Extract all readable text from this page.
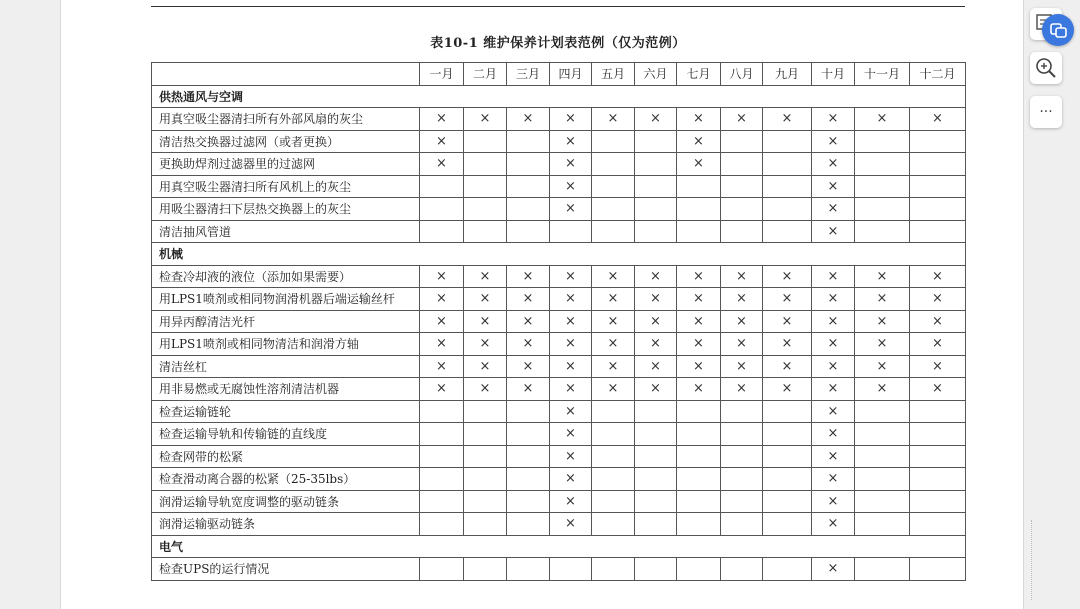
表10-1 维护保养计划表范例（仅为范例）
	一月	二月	三月	四月	五月	六月	七月	八月	九月	十月	十一月	十二月
供热通风与空调												
用真空吸尘器清扫所有外部风扇的灰尘	×	×	×	×	×	×	×	×	×	×	×	×
清洁热交换器过滤网（或者更换）	×			×			×			×		
更换助焊剂过滤器里的过滤网	×			×			×			×		
用真空吸尘器清扫所有风机上的灰尘				×						×		
用吸尘器清扫下层热交换器上的灰尘				×						×		
清洁抽风管道										×		
机械												
检查冷却液的液位（添加如果需要）	×	×	×	×	×	×	×	×	×	×	×	×
用LPS1喷剂或相同物润滑机器后端运输丝杆	×	×	×	×	×	×	×	×	×	×	×	×
用异丙醇清洁光杆	×	×	×	×	×	×	×	×	×	×	×	×
用LPS1喷剂或相同物清洁和润滑方轴	×	×	×	×	×	×	×	×	×	×	×	×
清洁丝杠	×	×	×	×	×	×	×	×	×	×	×	×
用非易燃或无腐蚀性溶剂清洁机器	×	×	×	×	×	×	×	×	×	×	×	×
检查运输链轮				×						×		
检查运输导轨和传输链的直线度				×						×		
检查网带的松紧				×						×		
检查滑动离合器的松紧（25-35lbs）				×						×		
润滑运输导轨宽度调整的驱动链条				×						×		
润滑运输驱动链条				×						×		
电气												
检查UPS的运行情况										×		
···
